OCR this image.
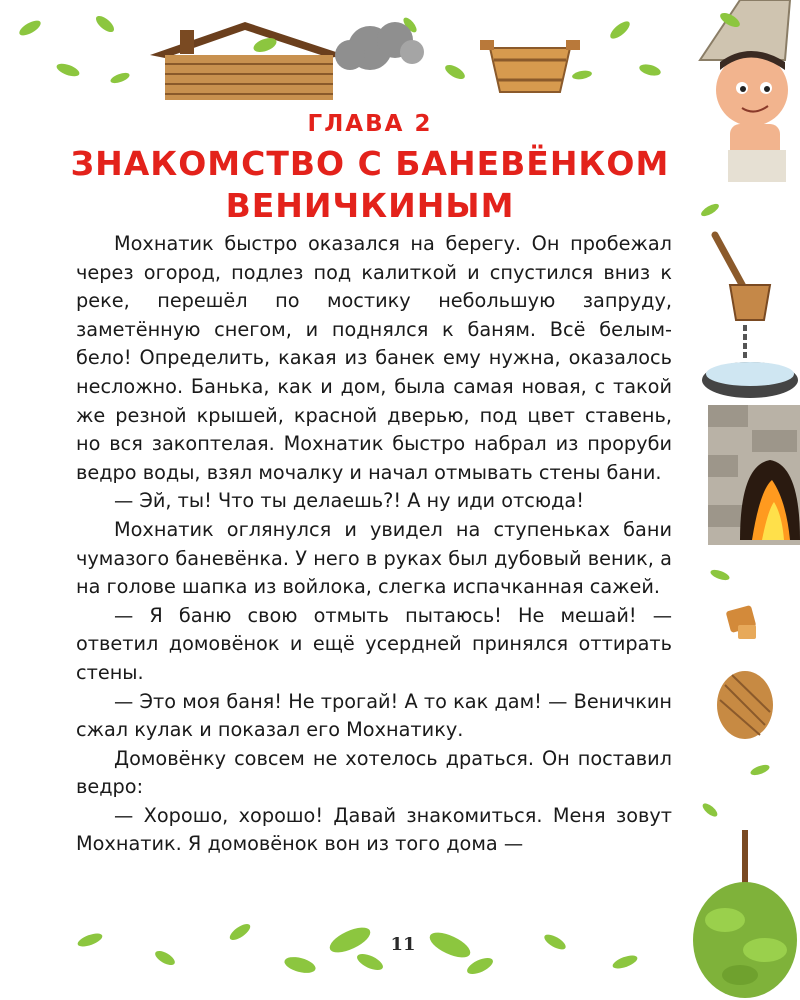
ГЛАВА 2
ЗНАКОМСТВО С БАНЕВЁНКОМ
ВЕНИЧКИНЫМ

Мохнатик быстро оказался на берегу. Он пробежал через огород, подлез под калиткой и спустился вниз к реке, перешёл по мостику небольшую запруду, заметённую снегом, и поднялся к баням. Всё белым-бело! Определить, какая из банек ему нужна, оказалось несложно. Банька, как и дом, была самая новая, с такой же резной крышей, красной дверью, под цвет ставень, но вся закоптелая. Мохнатик быстро набрал из проруби ведро воды, взял мочалку и начал отмывать стены бани.

— Эй, ты! Что ты делаешь?! А ну иди отсюда!

Мохнатик оглянулся и увидел на ступеньках бани чумазого баневёнка. У него в руках был дубовый веник, а на голове шапка из войлока, слегка испачканная сажей.

— Я баню свою отмыть пытаюсь! Не мешай! — ответил домовёнок и ещё усердней принялся оттирать стены.

— Это моя баня! Не трогай! А то как дам! — Веничкин сжал кулак и показал его Мохнатику.

Домовёнку совсем не хотелось драться. Он поставил ведро:

— Хорошо, хорошо! Давай знакомиться. Меня зовут Мохнатик. Я домовёнок вон из того дома —

11
